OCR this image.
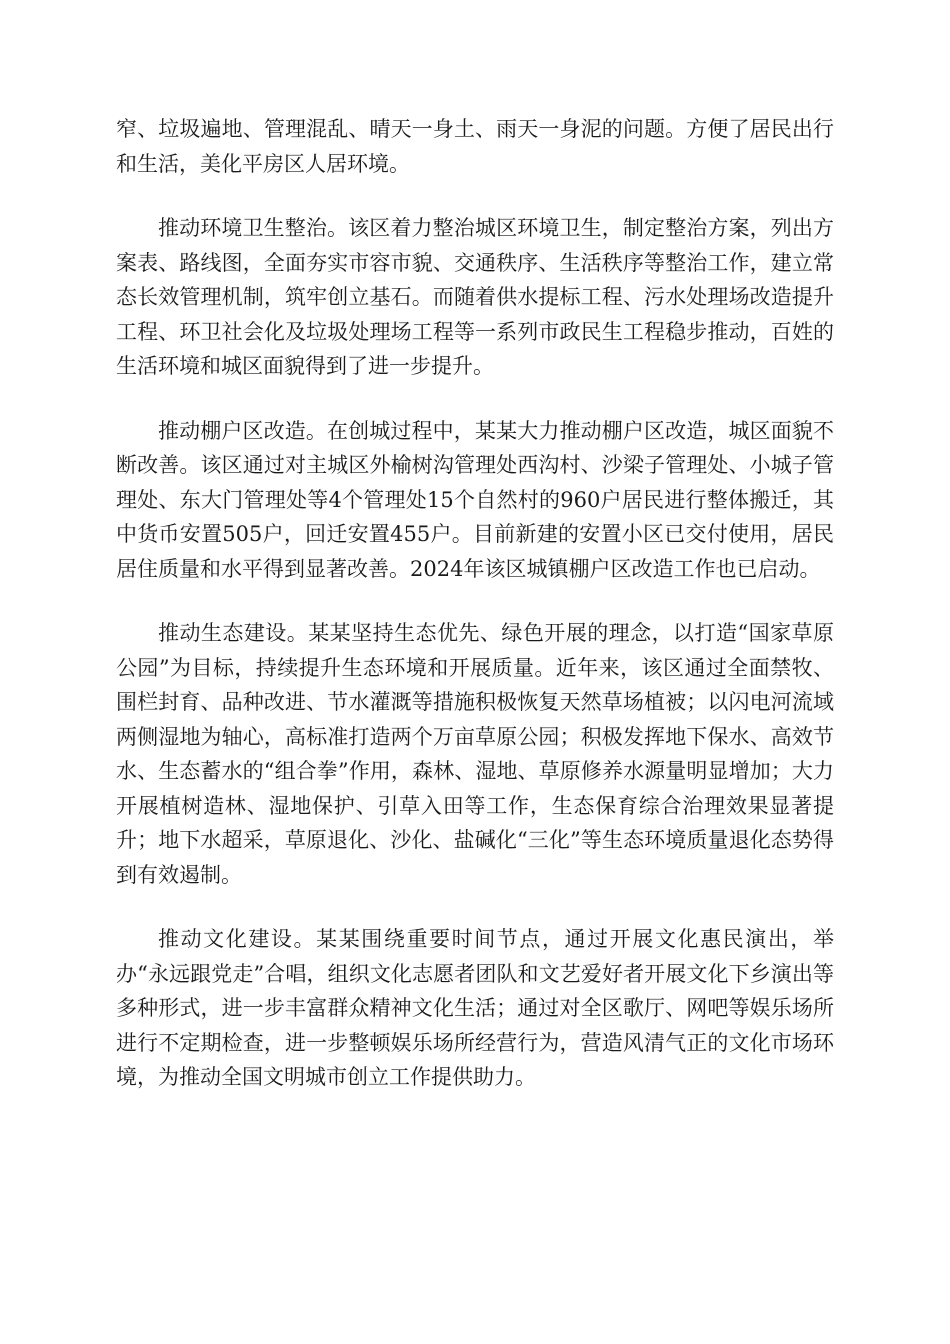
窄、垃圾遍地、管理混乱、晴天一身土、雨天一身泥的问题。方便了居民出行和生活，美化平房区人居环境。

推动环境卫生整治。该区着力整治城区环境卫生，制定整治方案，列出方案表、路线图，全面夯实市容市貌、交通秩序、生活秩序等整治工作，建立常态长效管理机制，筑牢创立基石。而随着供水提标工程、污水处理场改造提升工程、环卫社会化及垃圾处理场工程等一系列市政民生工程稳步推动，百姓的生活环境和城区面貌得到了进一步提升。

推动棚户区改造。在创城过程中，某某大力推动棚户区改造，城区面貌不断改善。该区通过对主城区外榆树沟管理处西沟村、沙梁子管理处、小城子管理处、东大门管理处等4个管理处15个自然村的960户居民进行整体搬迁，其中货币安置505户，回迁安置455户。目前新建的安置小区已交付使用，居民居住质量和水平得到显著改善。2024年该区城镇棚户区改造工作也已启动。

推动生态建设。某某坚持生态优先、绿色开展的理念，以打造“国家草原公园”为目标，持续提升生态环境和开展质量。近年来，该区通过全面禁牧、围栏封育、品种改进、节水灌溉等措施积极恢复天然草场植被；以闪电河流域两侧湿地为轴心，高标准打造两个万亩草原公园；积极发挥地下保水、高效节水、生态蓄水的“组合拳”作用，森林、湿地、草原修养水源量明显增加；大力开展植树造林、湿地保护、引草入田等工作，生态保育综合治理效果显著提升；地下水超采，草原退化、沙化、盐碱化“三化”等生态环境质量退化态势得到有效遏制。

推动文化建设。某某围绕重要时间节点，通过开展文化惠民演出，举办“永远跟党走”合唱，组织文化志愿者团队和文艺爱好者开展文化下乡演出等多种形式，进一步丰富群众精神文化生活；通过对全区歌厅、网吧等娱乐场所进行不定期检查，进一步整顿娱乐场所经营行为，营造风清气正的文化市场环境，为推动全国文明城市创立工作提供助力。
